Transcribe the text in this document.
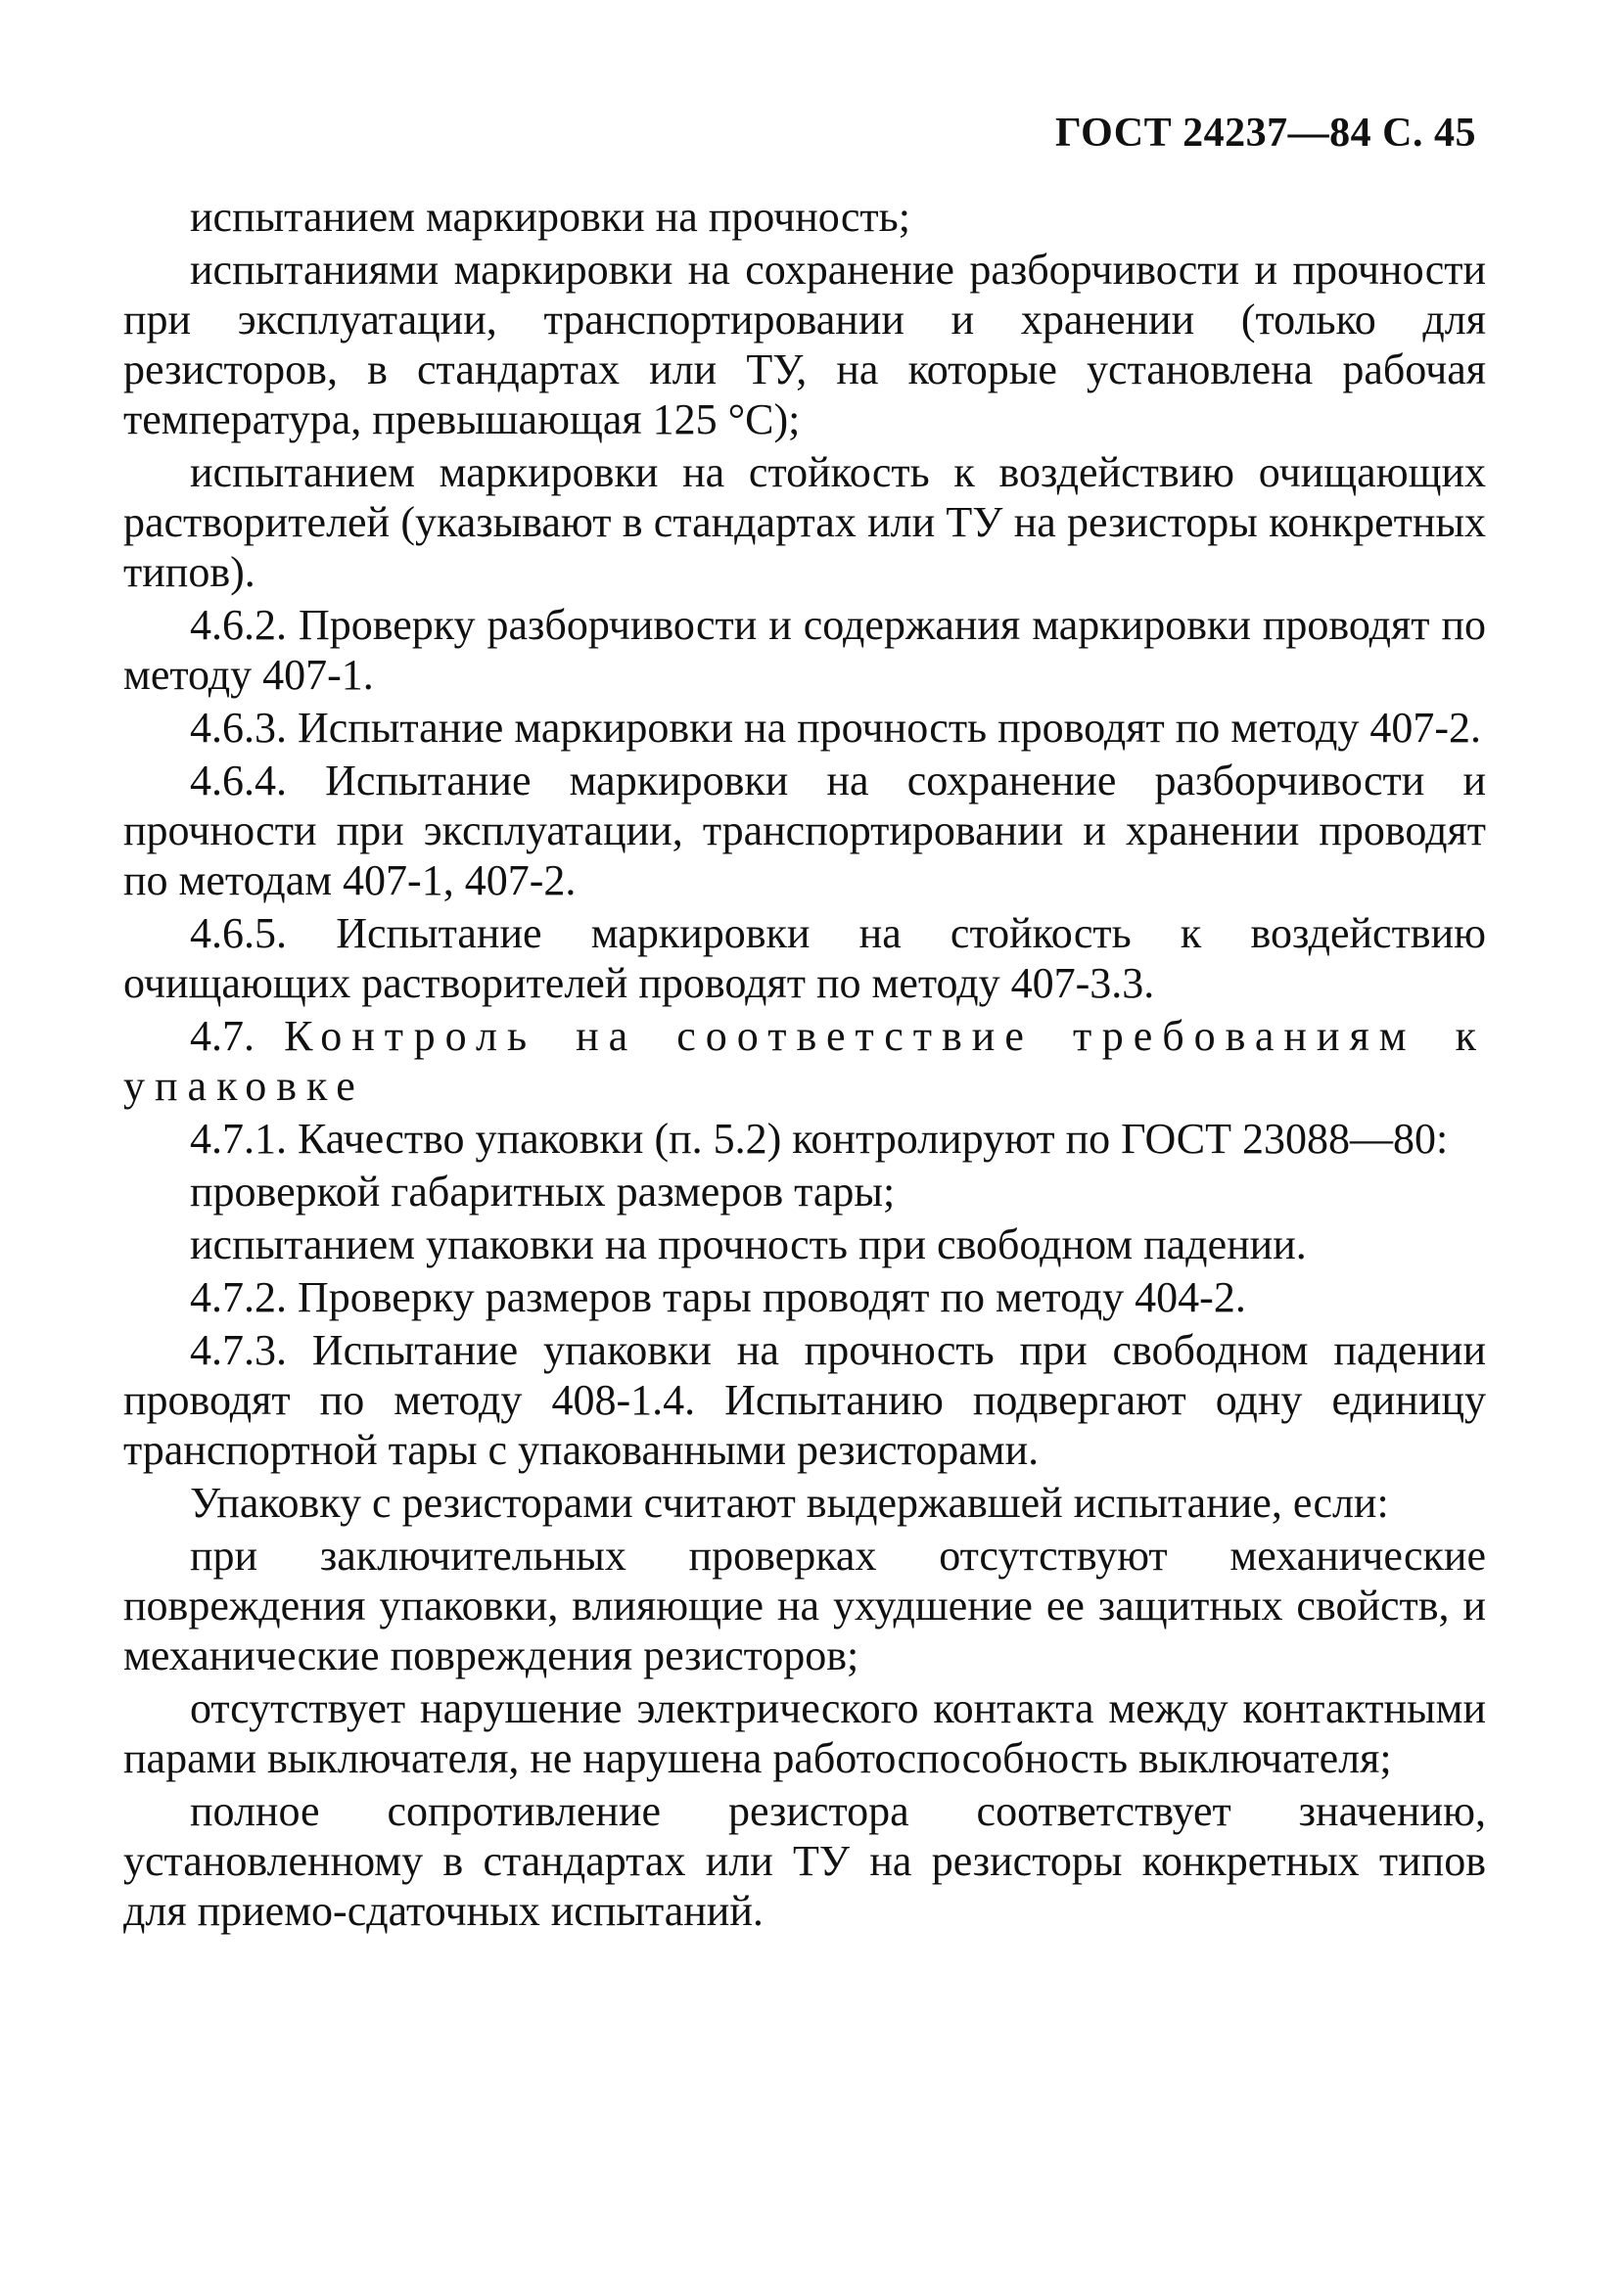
ГОСТ 24237—84 С. 45

испытанием маркировки на прочность;

испытаниями маркировки на сохранение разборчивости и прочности при эксплуатации, транспортировании и хранении (только для резисторов, в стандартах или ТУ, на которые установлена рабочая температура, превышающая 125 °С);

испытанием маркировки на стойкость к воздействию очищающих растворителей (указывают в стандартах или ТУ на резисторы конкретных типов).

4.6.2. Проверку разборчивости и содержания маркировки проводят по методу 407-1.

4.6.3. Испытание маркировки на прочность проводят по методу 407-2.

4.6.4. Испытание маркировки на сохранение разборчивости и прочности при эксплуатации, транспортировании и хранении проводят по методам 407-1, 407-2.

4.6.5. Испытание маркировки на стойкость к воздействию очищающих растворителей проводят по методу 407-3.3.

4.7. Контроль на соответствие требованиям к упаковке

4.7.1. Качество упаковки (п. 5.2) контролируют по ГОСТ 23088—80:

проверкой габаритных размеров тары;

испытанием упаковки на прочность при свободном падении.

4.7.2. Проверку размеров тары проводят по методу 404-2.

4.7.3. Испытание упаковки на прочность при свободном падении проводят по методу 408-1.4. Испытанию подвергают одну единицу транспортной тары с упакованными резисторами.

Упаковку с резисторами считают выдержавшей испытание, если:

при заключительных проверках отсутствуют механические повреждения упаковки, влияющие на ухудшение ее защитных свойств, и механические повреждения резисторов;

отсутствует нарушение электрического контакта между контактными парами выключателя, не нарушена работоспособность выключателя;

полное сопротивление резистора соответствует значению, установленному в стандартах или ТУ на резисторы конкретных типов для приемо-сдаточных испытаний.
